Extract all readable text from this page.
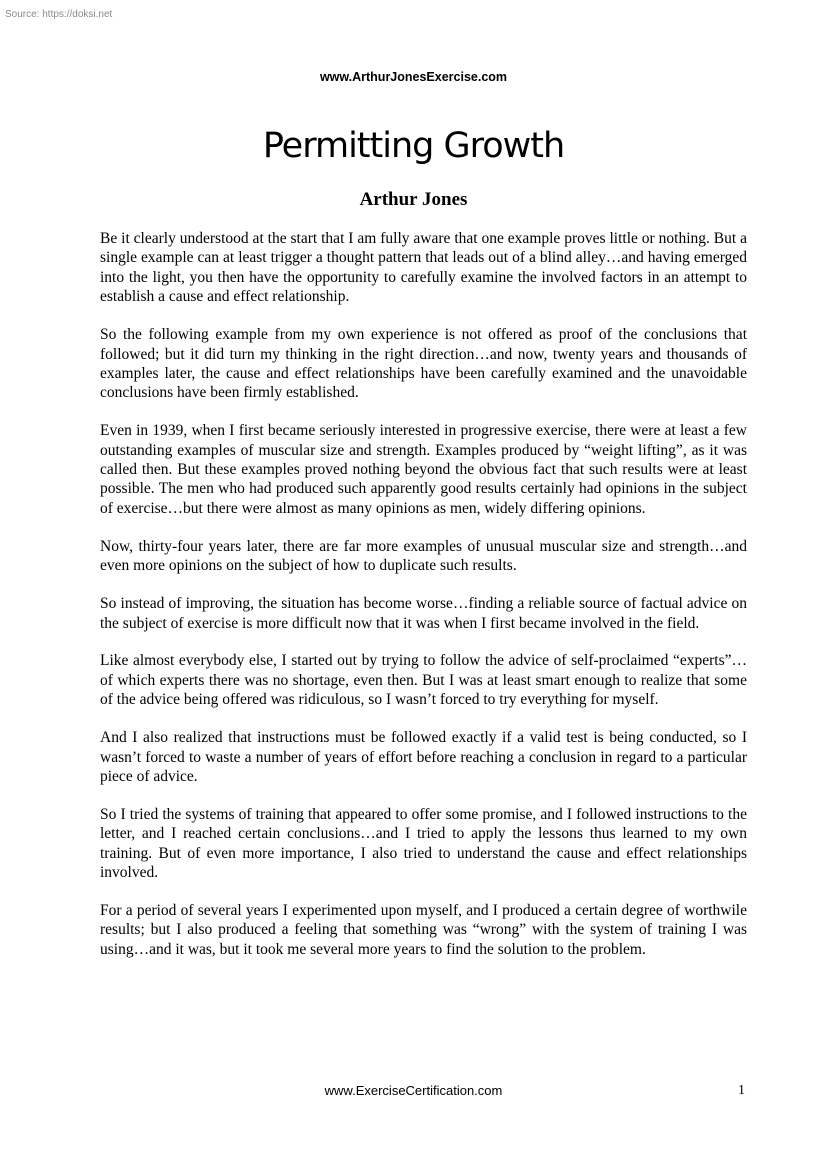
Source: https://doksi.net

www.ArthurJonesExercise.com

Permitting Growth
Arthur Jones

Be it clearly understood at the start that I am fully aware that one example proves little or nothing. But a single example can at least trigger a thought pattern that leads out of a blind alley…and having emerged into the light, you then have the opportunity to carefully examine the involved factors in an attempt to establish a cause and effect relationship.

So the following example from my own experience is not offered as proof of the conclusions that followed; but it did turn my thinking in the right direction…and now, twenty years and thousands of examples later, the cause and effect relationships have been carefully examined and the unavoidable conclusions have been firmly established.

Even in 1939, when I first became seriously interested in progressive exercise, there were at least a few outstanding examples of muscular size and strength. Examples produced by “weight lifting”, as it was called then. But these examples proved nothing beyond the obvious fact that such results were at least possible. The men who had produced such apparently good results certainly had opinions in the subject of exercise…but there were almost as many opinions as men, widely differing opinions.

Now, thirty-four years later, there are far more examples of unusual muscular size and strength…and even more opinions on the subject of how to duplicate such results.

So instead of improving, the situation has become worse…finding a reliable source of factual advice on the subject of exercise is more difficult now that it was when I first became involved in the field.

Like almost everybody else, I started out by trying to follow the advice of self-proclaimed “experts”…of which experts there was no shortage, even then. But I was at least smart enough to realize that some of the advice being offered was ridiculous, so I wasn’t forced to try everything for myself.

And I also realized that instructions must be followed exactly if a valid test is being conducted, so I wasn’t forced to waste a number of years of effort before reaching a conclusion in regard to a particular piece of advice.

So I tried the systems of training that appeared to offer some promise, and I followed instructions to the letter, and I reached certain conclusions…and I tried to apply the lessons thus learned to my own training. But of even more importance, I also tried to understand the cause and effect relationships involved.

For a period of several years I experimented upon myself, and I produced a certain degree of worthwile results; but I also produced a feeling that something was “wrong” with the system of training I was using…and it was, but it took me several more years to find the solution to the problem.

www.ExerciseCertification.com	1
